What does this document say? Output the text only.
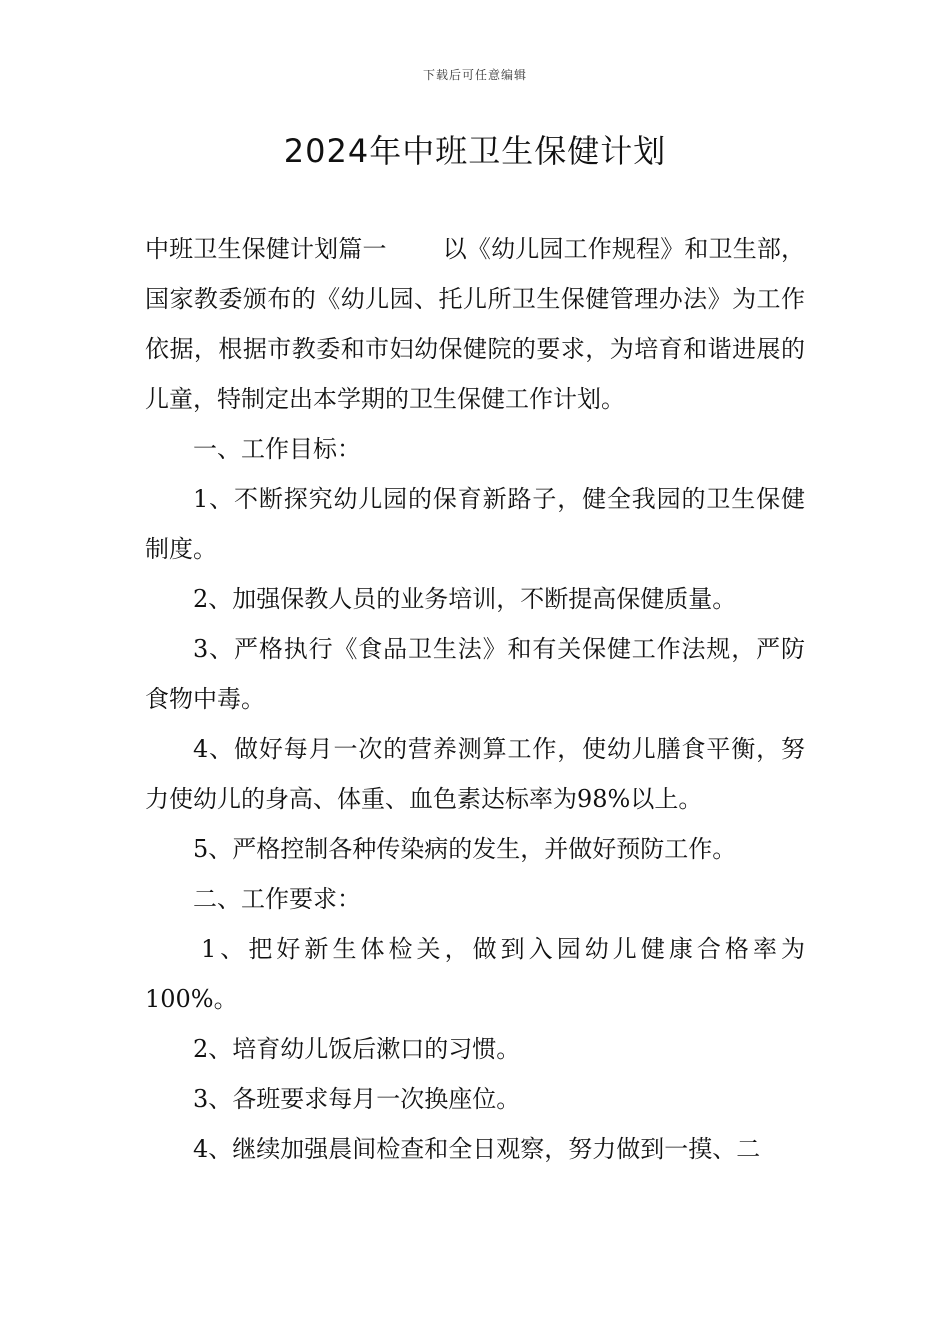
下载后可任意编辑
2024年中班卫生保健计划

中班卫生保健计划篇一 以《幼儿园工作规程》和卫生部，国家教委颁布的《幼儿园、托儿所卫生保健管理办法》为工作依据，根据市教委和市妇幼保健院的要求，为培育和谐进展的儿童，特制定出本学期的卫生保健工作计划。

一、工作目标：

1、不断探究幼儿园的保育新路子，健全我园的卫生保健制度。

2、加强保教人员的业务培训，不断提高保健质量。

3、严格执行《食品卫生法》和有关保健工作法规，严防食物中毒。

4、做好每月一次的营养测算工作，使幼儿膳食平衡，努力使幼儿的身高、体重、血色素达标率为98%以上。

5、严格控制各种传染病的发生，并做好预防工作。

二、工作要求：

1、把好新生体检关，做到入园幼儿健康合格率为100%。

2、培育幼儿饭后漱口的习惯。

3、各班要求每月一次换座位。

4、继续加强晨间检查和全日观察，努力做到一摸、二
